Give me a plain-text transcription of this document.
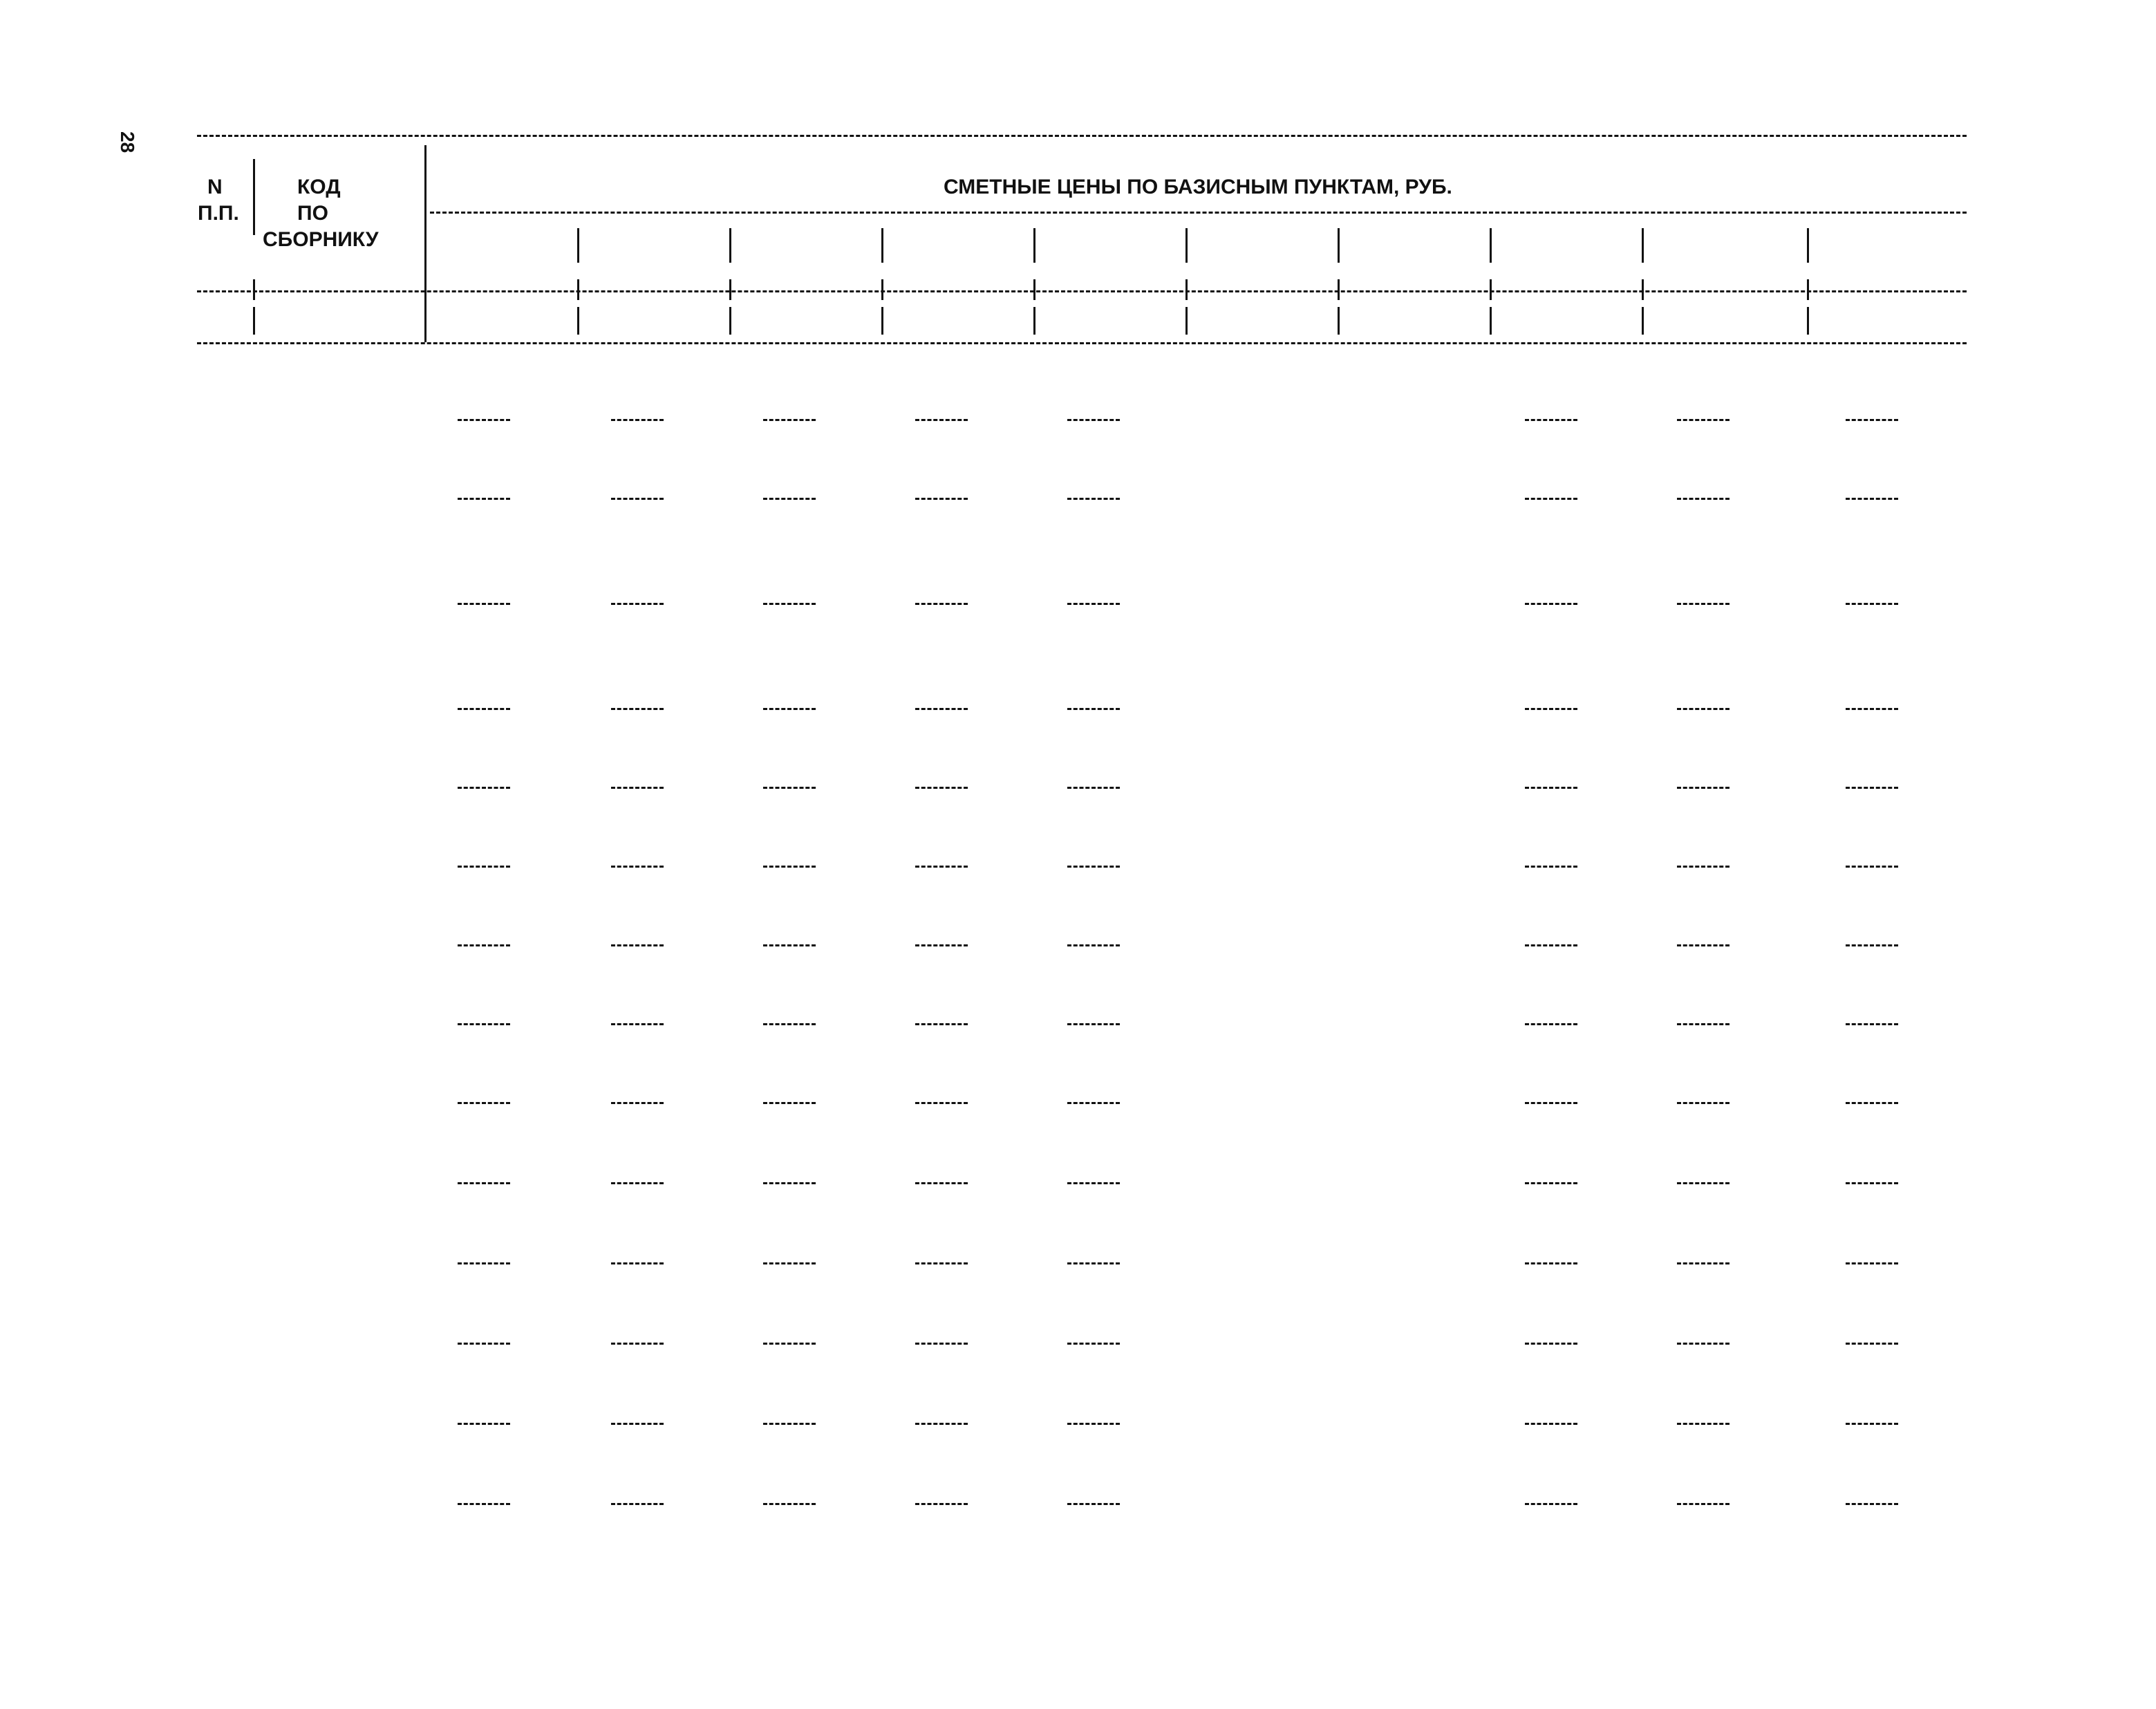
28
N
П.П.
КОД
ПО
СБОРНИКУ
СМЕТНЫЕ ЦЕНЫ ПО БАЗИСНЫМ ПУНКТАМ, РУБ.
